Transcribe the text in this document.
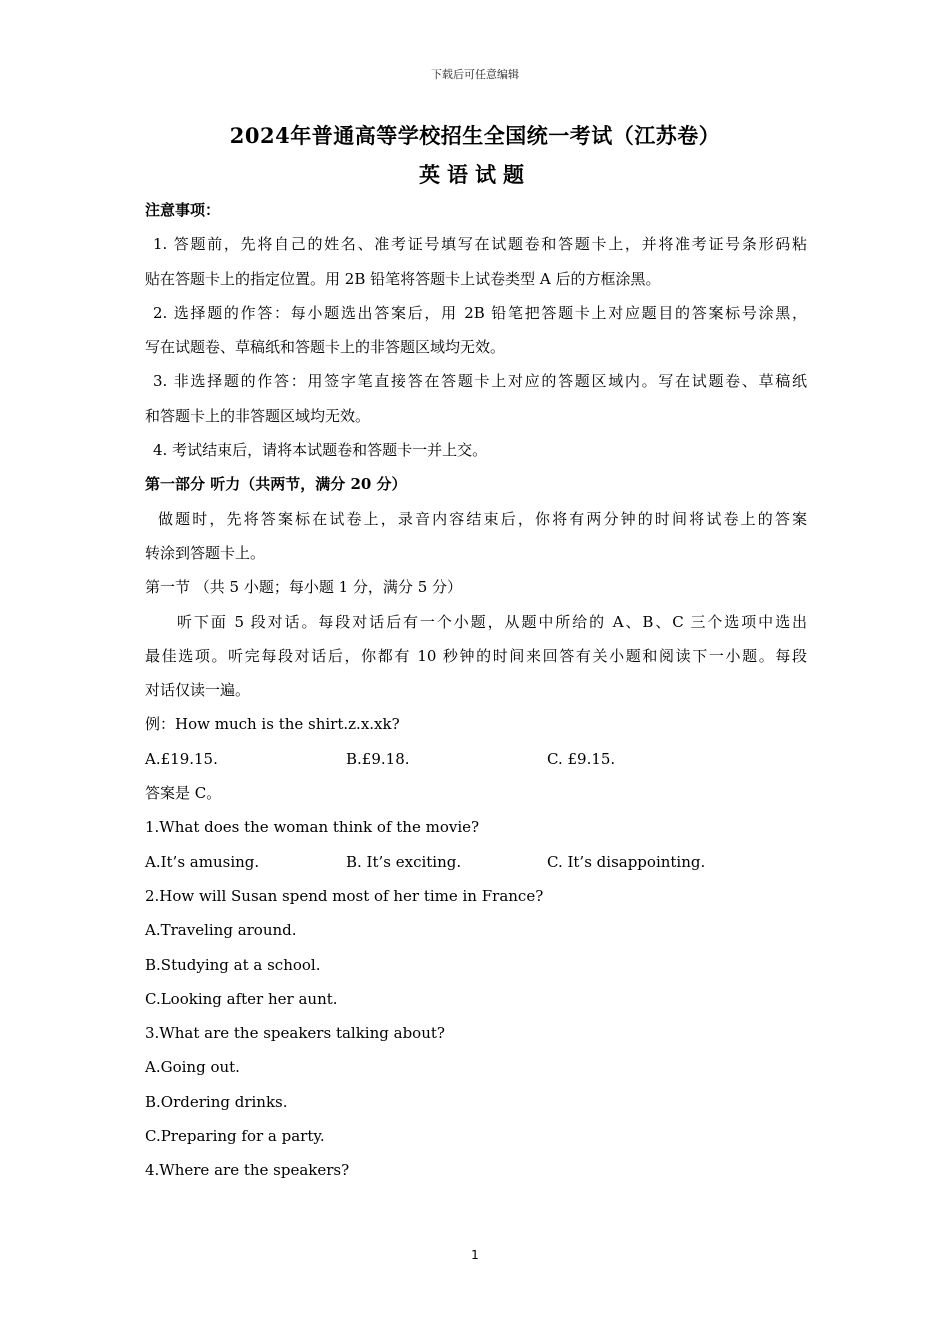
下载后可任意编辑
2024年普通高等学校招生全国统一考试（江苏卷）
英语试题
注意事项：
1. 答题前，先将自己的姓名、准考证号填写在试题卷和答题卡上，并将准考证号条形码粘
贴在答题卡上的指定位置。用 2B 铅笔将答题卡上试卷类型 A 后的方框涂黑。
2. 选择题的作答：每小题选出答案后，用 2B 铅笔把答题卡上对应题目的答案标号涂黑，
写在试题卷、草稿纸和答题卡上的非答题区域均无效。
3. 非选择题的作答：用签字笔直接答在答题卡上对应的答题区域内。写在试题卷、草稿纸
和答题卡上的非答题区域均无效。
4. 考试结束后，请将本试题卷和答题卡一并上交。
第一部分 听力（共两节，满分 20 分）
做题时，先将答案标在试卷上，录音内容结束后，你将有两分钟的时间将试卷上的答案
转涂到答题卡上。
第一节 （共 5 小题；每小题 1 分，满分 5 分）
听下面 5 段对话。每段对话后有一个小题，从题中所给的 A、B、C 三个选项中选出
最佳选项。听完每段对话后，你都有 10 秒钟的时间来回答有关小题和阅读下一小题。每段
对话仅读一遍。
例：How much is the shirt.z.x.xk?
A.£19.15.	B.£9.18.	C. £9.15.
答案是 C。
1.What does the woman think of the movie?
A.It’s amusing.	B. It’s exciting.	C. It’s disappointing.
2.How will Susan spend most of her time in France?
A.Traveling around.
B.Studying at a school.
C.Looking after her aunt.
3.What are the speakers talking about?
A.Going out.
B.Ordering drinks.
C.Preparing for a party.
4.Where are the speakers?
1
